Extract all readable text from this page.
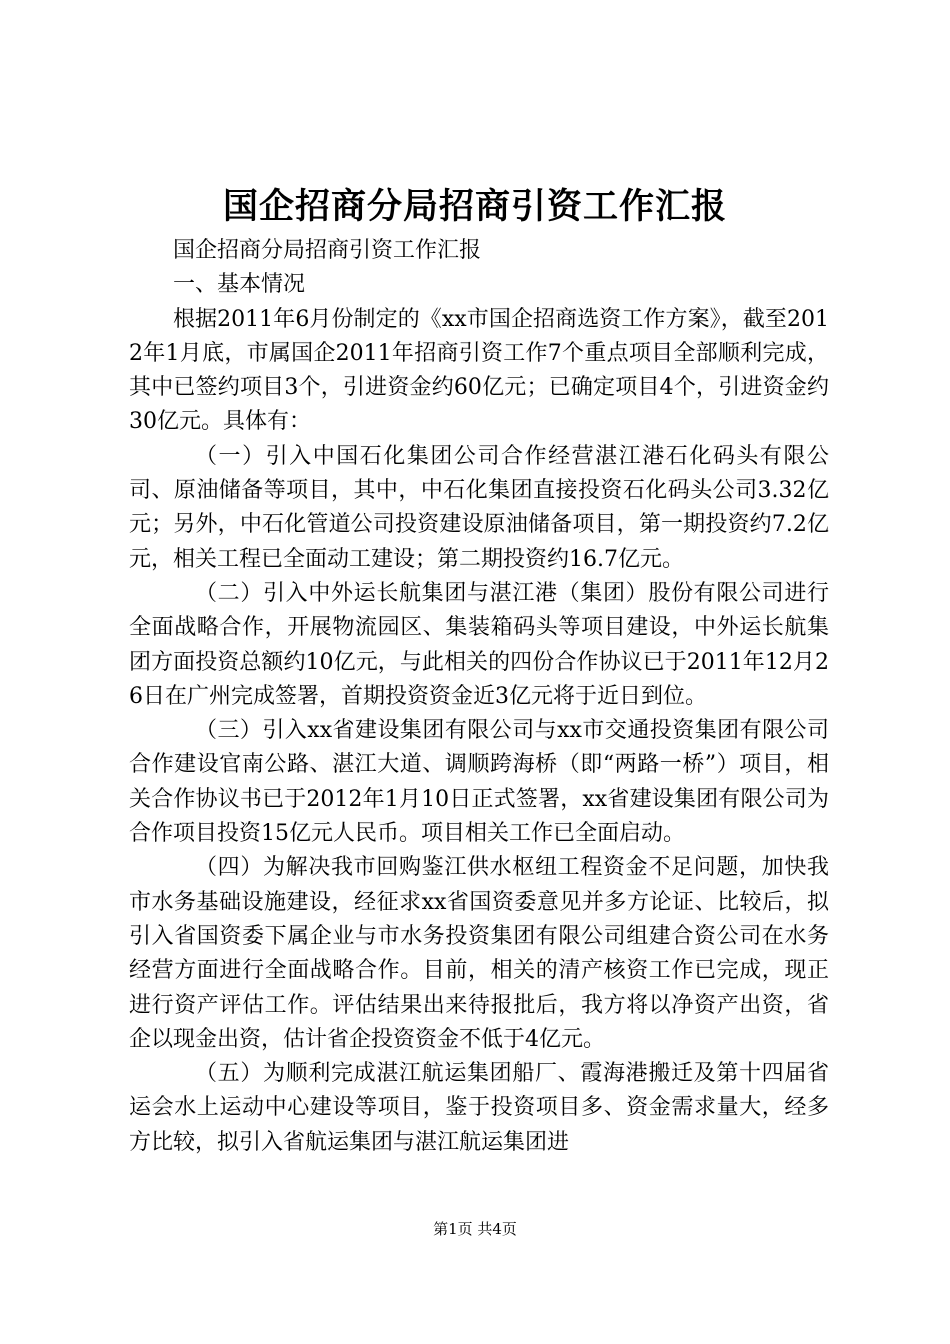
国企招商分局招商引资工作汇报

国企招商分局招商引资工作汇报

一、基本情况

根据2011年6月份制定的《xx市国企招商选资工作方案》，截至2012年1月底，市属国企2011年招商引资工作7个重点项目全部顺利完成，其中已签约项目3个，引进资金约60亿元；已确定项目4个，引进资金约30亿元。具体有：

（一）引入中国石化集团公司合作经营湛江港石化码头有限公司、原油储备等项目，其中，中石化集团直接投资石化码头公司3.32亿元；另外，中石化管道公司投资建设原油储备项目，第一期投资约7.2亿元，相关工程已全面动工建设；第二期投资约16.7亿元。

（二）引入中外运长航集团与湛江港（集团）股份有限公司进行全面战略合作，开展物流园区、集装箱码头等项目建设，中外运长航集团方面投资总额约10亿元，与此相关的四份合作协议已于2011年12月26日在广州完成签署，首期投资资金近3亿元将于近日到位。

（三）引入xx省建设集团有限公司与xx市交通投资集团有限公司合作建设官南公路、湛江大道、调顺跨海桥（即“两路一桥”）项目，相关合作协议书已于2012年1月10日正式签署，xx省建设集团有限公司为合作项目投资15亿元人民币。项目相关工作已全面启动。

（四）为解决我市回购鉴江供水枢纽工程资金不足问题，加快我市水务基础设施建设，经征求xx省国资委意见并多方论证、比较后，拟引入省国资委下属企业与市水务投资集团有限公司组建合资公司在水务经营方面进行全面战略合作。目前，相关的清产核资工作已完成，现正进行资产评估工作。评估结果出来待报批后，我方将以净资产出资，省企以现金出资，估计省企投资资金不低于4亿元。

（五）为顺利完成湛江航运集团船厂、霞海港搬迁及第十四届省运会水上运动中心建设等项目，鉴于投资项目多、资金需求量大，经多方比较，拟引入省航运集团与湛江航运集团进

第1页 共4页
